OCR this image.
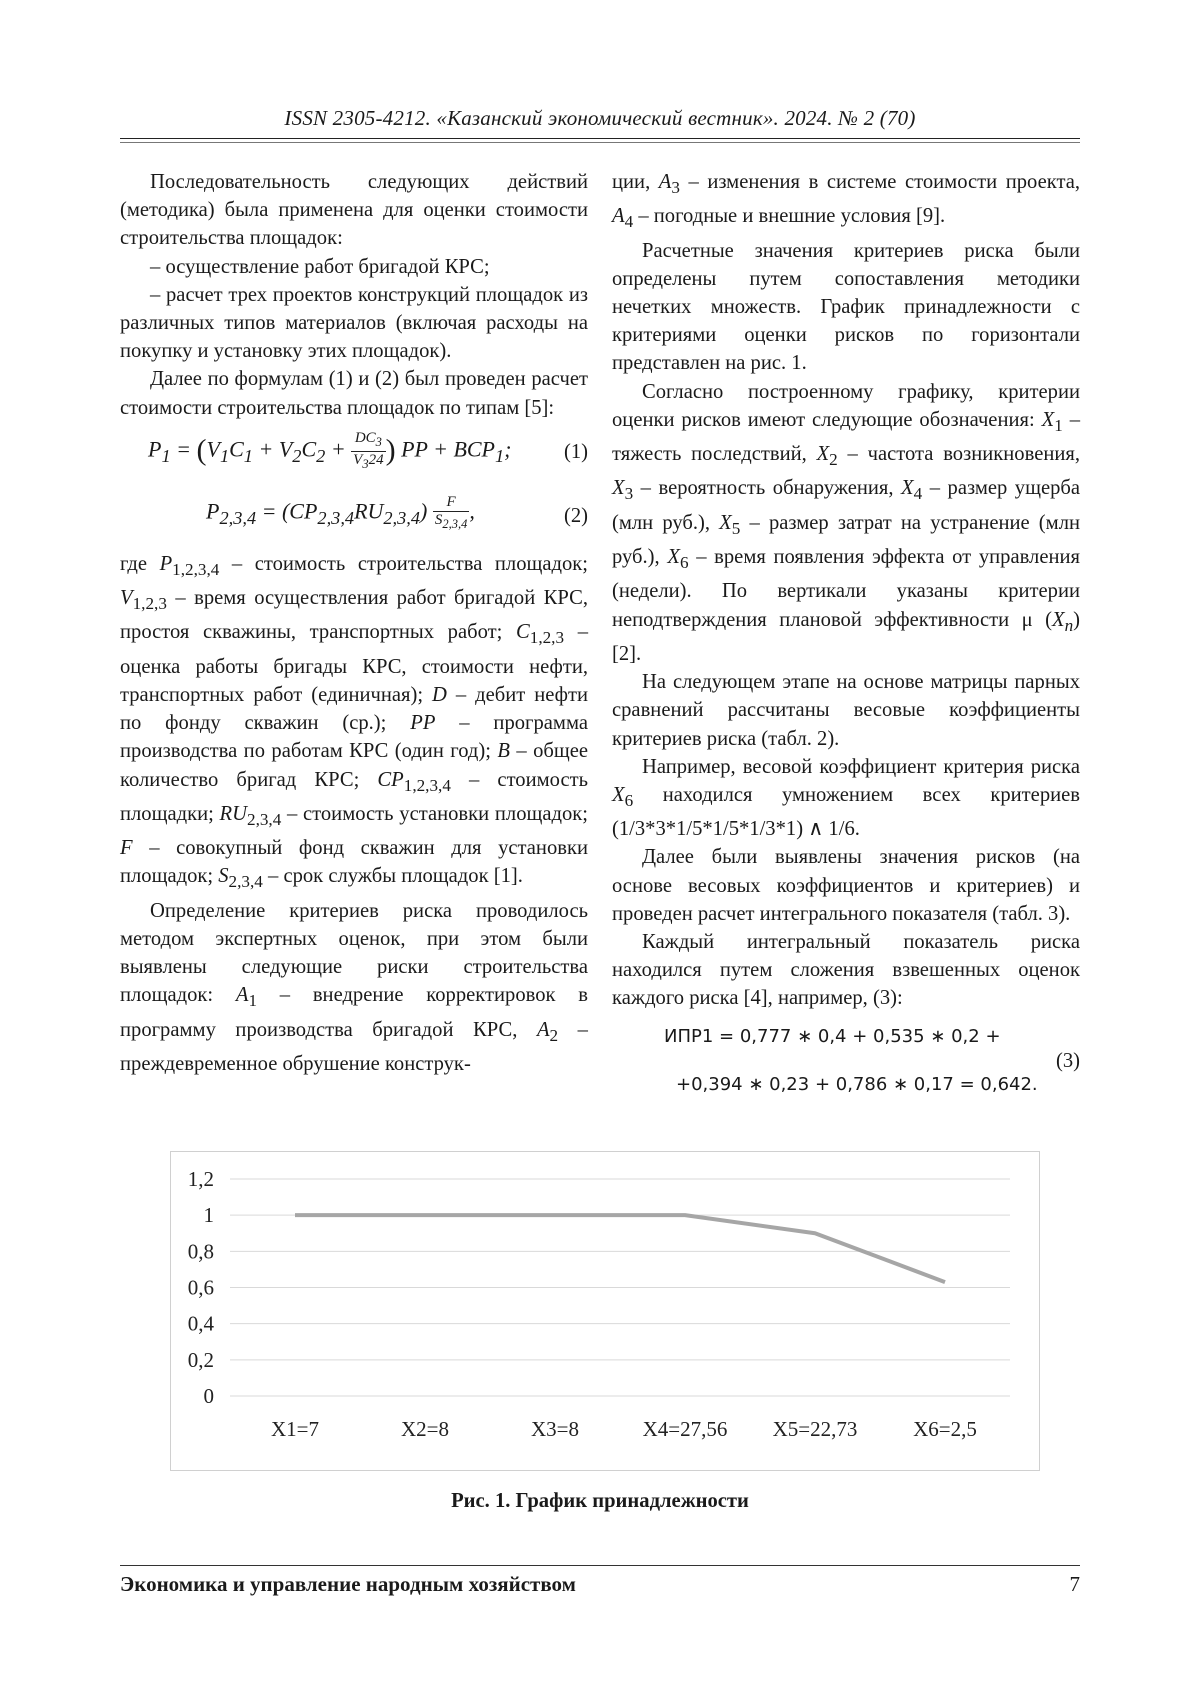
ISSN 2305-4212. «Казанский экономический вестник». 2024. № 2 (70)

Последовательность следующих действий (методика) была применена для оценки стоимости строительства площадок:

– осуществление работ бригадой КРС;

– расчет трех проектов конструкций площадок из различных типов материалов (включая расходы на покупку и установку этих площадок).

Далее по формулам (1) и (2) был проведен расчет стоимости строительства площадок по типам [5]:

$P_1 = (V_1C_1 + V_2C_2 + \frac{DC_3}{V_324}$ ) PP + $BCP_1$;	(1)
$P_{2,3,4} = (CP_{2,3,4}RU_{2,3,4}) \frac{F}{S_{2,3,4}}$ ,	(2)

где $P_{1,2,3,4}$ – стоимость строительства площадок; $V_{1,2,3}$ – время осуществления работ бригадой КРС, простоя скважины, транспортных работ; $C_{1,2,3}$ – оценка работы бригады КРС, стоимости нефти, транспортных работ (единичная); D – дебит нефти по фонду скважин (ср.); PP – программа производства по работам КРС (один год); B – общее количество бригад КРС; $CP_{1,2,3,4}$ – стоимость площадки; $RU_{2,3,4}$ – стоимость установки площадок; F – совокупный фонд скважин для установки площадок; $S_{2,3,4}$ – срок службы площадок [1].

Определение критериев риска проводилось методом экспертных оценок, при этом были выявлены следующие риски строительства площадок: $A_1$ – внедрение корректировок в программу производства бригадой КРС, $A_2$ – преждевременное обрушение конструк-

ции, $A_3$ – изменения в системе стоимости проекта, $A_4$ – погодные и внешние условия [9].

Расчетные значения критериев риска были определены путем сопоставления методики нечетких множеств. График принадлежности с критериями оценки рисков по горизонтали представлен на рис. 1.

Согласно построенному графику, критерии оценки рисков имеют следующие обозначения: $X_1$ – тяжесть последствий, $X_2$ – частота возникновения, $X_3$ – вероятность обнаружения, $X_4$ – размер ущерба (млн руб.), $X_5$ – размер затрат на устранение (млн руб.), $X_6$ – время появления эффекта от управления (недели). По вертикали указаны критерии неподтверждения плановой эффективности μ $(X_n)$ [2].

На следующем этапе на основе матрицы парных сравнений рассчитаны весовые коэффициенты критериев риска (табл. 2).

Например, весовой коэффициент критерия риска $X_6$ находился умножением всех критериев (1/3*3*1/5*1/5*1/3*1) ∧ 1/6.

Далее были выявлены значения рисков (на основе весовых коэффициентов и критериев) и проведен расчет интегрального показателя (табл. 3).

Каждый интегральный показатель риска находился путем сложения взвешенных оценок каждого риска [4], например, (3):

ИПР1 = 0,777 ∗ 0,4 + 0,535 ∗ 0,2 +
+0,394 ∗ 0,23 + 0,786 ∗ 0,17 = 0,642.
(3)
0
0,2
0,4
0,6
0,8
1
1,2
X1=7	X2=8	X3=8	X4=27,56 X5=22,73	X6=2,5
Рис. 1. График принадлежности
Экономика и управление народным хозяйством	7
